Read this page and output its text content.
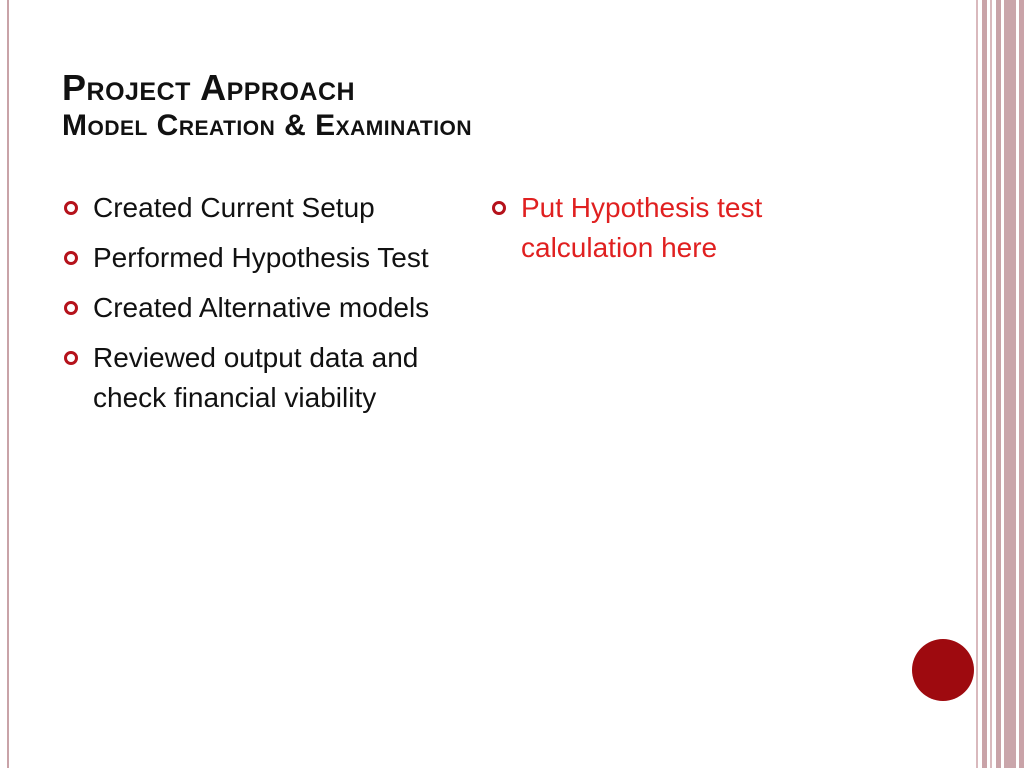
Project Approach
Model Creation & Examination
Created Current Setup
Performed Hypothesis Test
Created Alternative models
Reviewed output data and check financial viability
Put Hypothesis test calculation here
